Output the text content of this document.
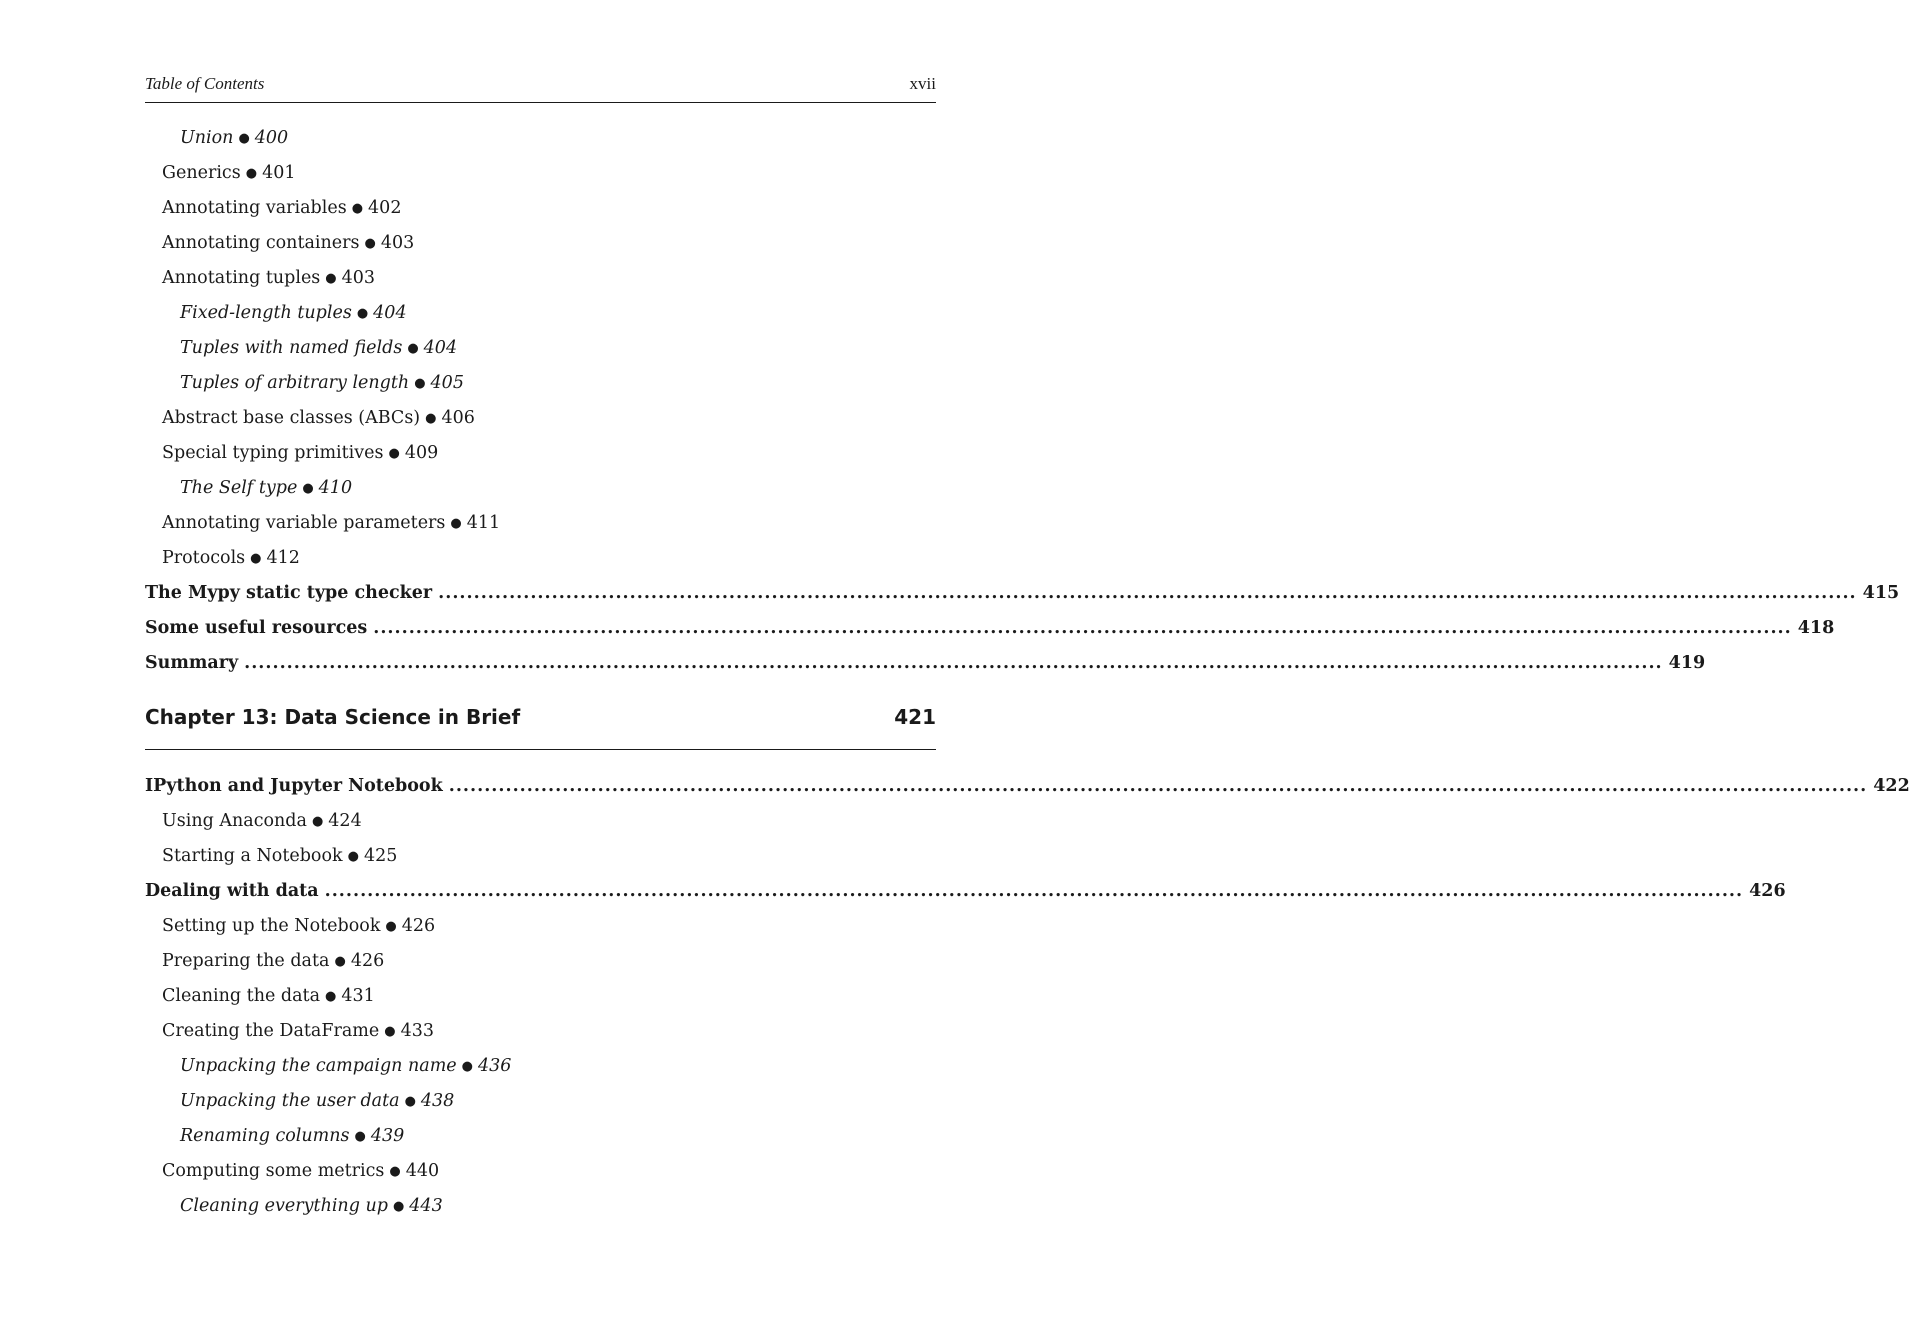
Table of Contents	xvii
Union ● 400
Generics ● 401
Annotating variables ● 402
Annotating containers ● 403
Annotating tuples ● 403
Fixed-length tuples ● 404
Tuples with named fields ● 404
Tuples of arbitrary length ● 405
Abstract base classes (ABCs) ● 406
Special typing primitives ● 409
The Self type ● 410
Annotating variable parameters ● 411
Protocols ● 412
The Mypy static type checker ........................................................................................................................................................................................................ 415
Some useful resources ........................................................................................................................................................................................................ 418
Summary ........................................................................................................................................................................................................ 419
Chapter 13: Data Science in Brief	421
IPython and Jupyter Notebook ........................................................................................................................................................................................................ 422
Using Anaconda ● 424
Starting a Notebook ● 425
Dealing with data ........................................................................................................................................................................................................ 426
Setting up the Notebook ● 426
Preparing the data ● 426
Cleaning the data ● 431
Creating the DataFrame ● 433
Unpacking the campaign name ● 436
Unpacking the user data ● 438
Renaming columns ● 439
Computing some metrics ● 440
Cleaning everything up ● 443
